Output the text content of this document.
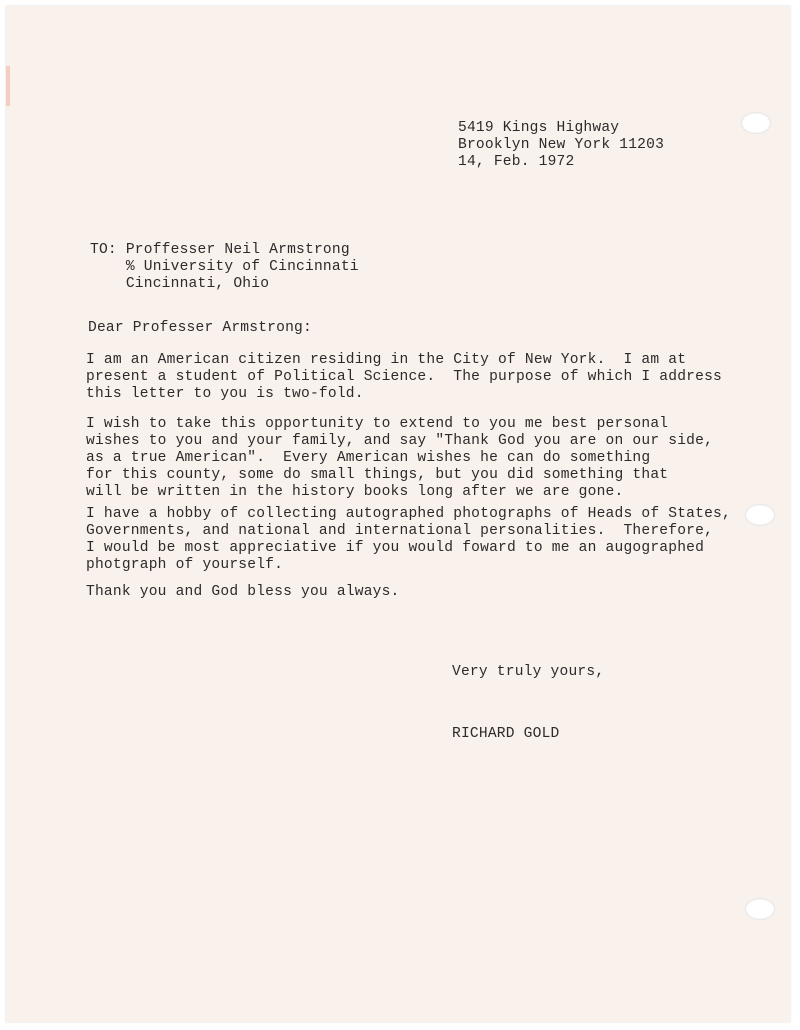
5419 Kings Highway
Brooklyn New York 11203
14, Feb. 1972
TO: Proffesser Neil Armstrong
% University of Cincinnati
Cincinnati, Ohio
Dear Professer Armstrong:
I am an American citizen residing in the City of New York.  I am at
present a student of Political Science.  The purpose of which I address
this letter to you is two-fold.
I wish to take this opportunity to extend to you me best personal
wishes to you and your family, and say "Thank God you are on our side,
as a true American".  Every American wishes he can do something
for this county, some do small things, but you did something that
will be written in the history books long after we are gone.
I have a hobby of collecting autographed photographs of Heads of States,
Governments, and national and international personalities.  Therefore,
I would be most appreciative if you would foward to me an augographed
photgraph of yourself.
Thank you and God bless you always.
Very truly yours,
RICHARD GOLD
